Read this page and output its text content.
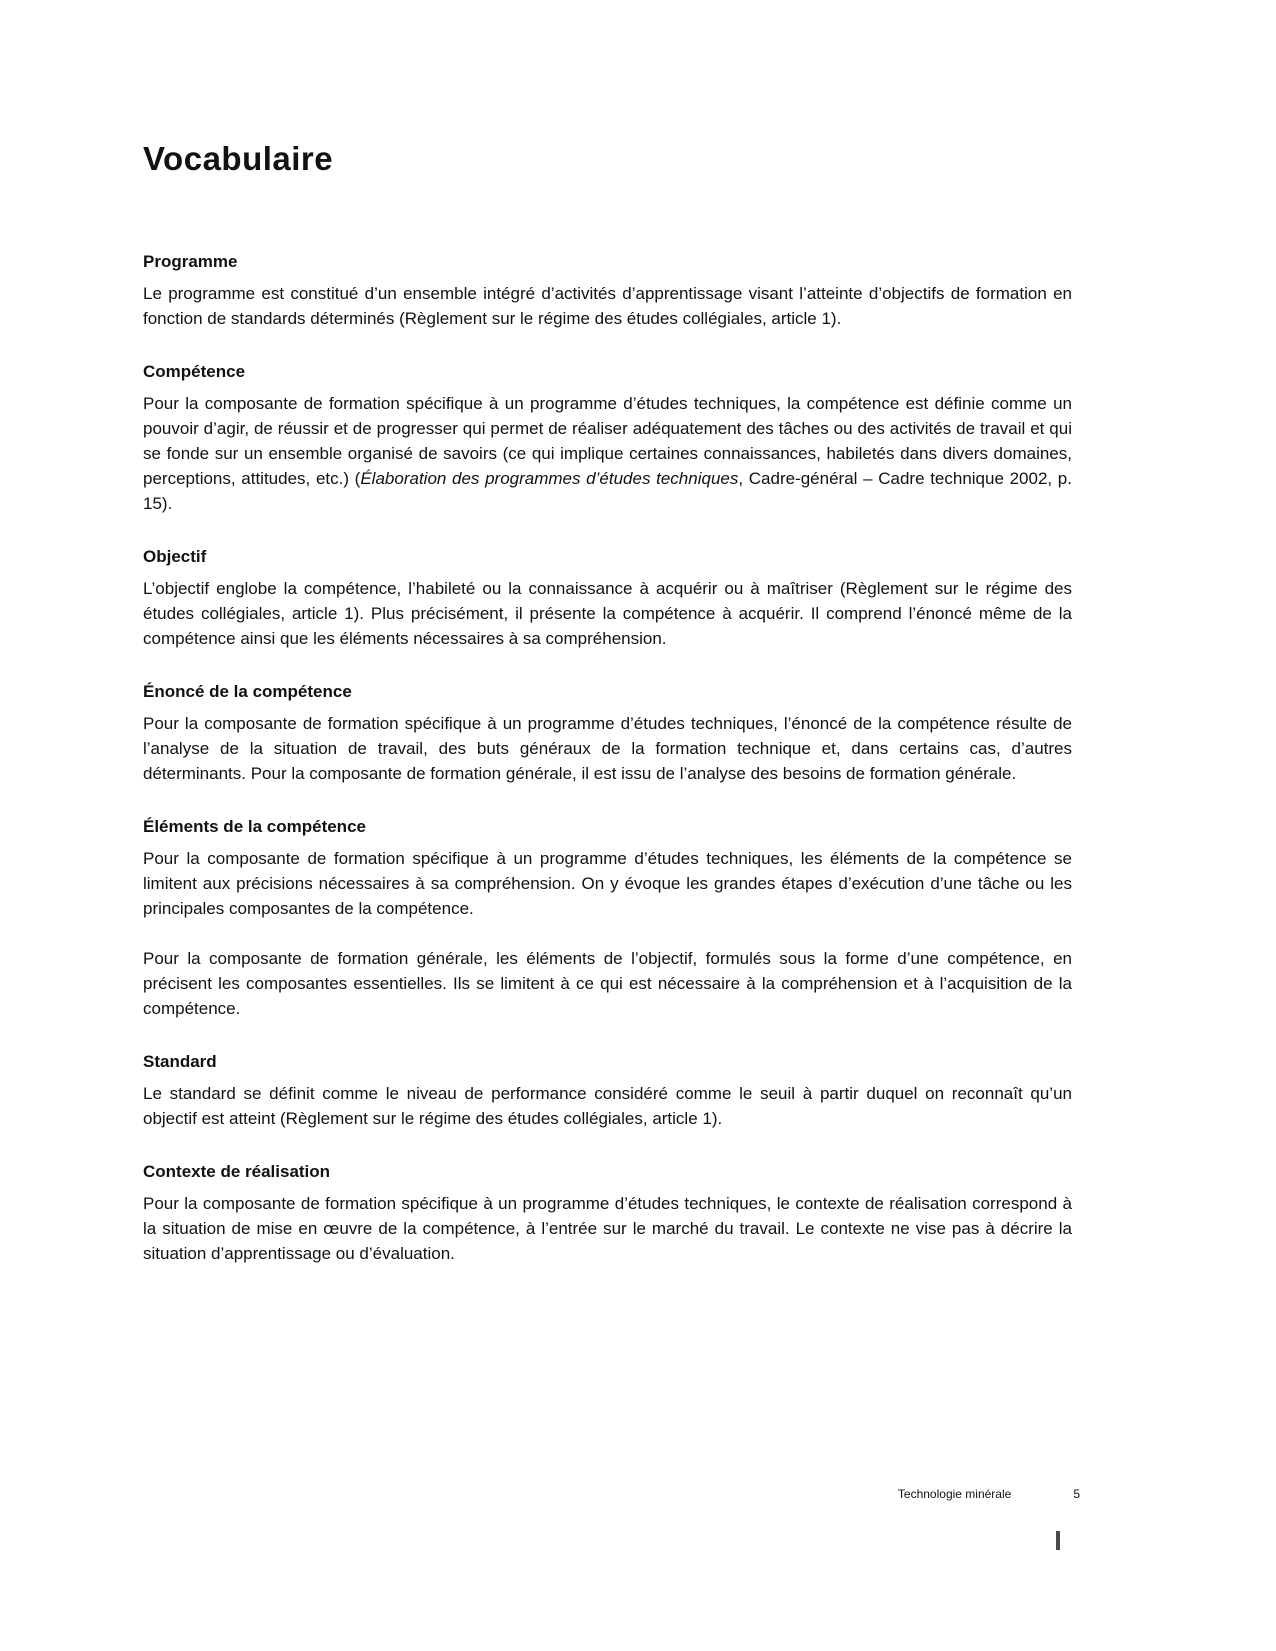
Vocabulaire
Programme

Le programme est constitué d’un ensemble intégré d’activités d’apprentissage visant l’atteinte d’objectifs de formation en fonction de standards déterminés (Règlement sur le régime des études collégiales, article 1).

Compétence

Pour la composante de formation spécifique à un programme d’études techniques, la compétence est définie comme un pouvoir d’agir, de réussir et de progresser qui permet de réaliser adéquatement des tâches ou des activités de travail et qui se fonde sur un ensemble organisé de savoirs (ce qui implique certaines connaissances, habiletés dans divers domaines, perceptions, attitudes, etc.) (Élaboration des programmes d’études techniques, Cadre-général – Cadre technique 2002, p. 15).

Objectif

L’objectif englobe la compétence, l’habileté ou la connaissance à acquérir ou à maîtriser (Règlement sur le régime des études collégiales, article 1). Plus précisément, il présente la compétence à acquérir. Il comprend l’énoncé même de la compétence ainsi que les éléments nécessaires à sa compréhension.

Énoncé de la compétence

Pour la composante de formation spécifique à un programme d’études techniques, l’énoncé de la compétence résulte de l’analyse de la situation de travail, des buts généraux de la formation technique et, dans certains cas, d’autres déterminants. Pour la composante de formation générale, il est issu de l’analyse des besoins de formation générale.

Éléments de la compétence

Pour la composante de formation spécifique à un programme d’études techniques, les éléments de la compétence se limitent aux précisions nécessaires à sa compréhension. On y évoque les grandes étapes d’exécution d’une tâche ou les principales composantes de la compétence.

Pour la composante de formation générale, les éléments de l’objectif, formulés sous la forme d’une compétence, en précisent les composantes essentielles. Ils se limitent à ce qui est nécessaire à la compréhension et à l’acquisition de la compétence.

Standard

Le standard se définit comme le niveau de performance considéré comme le seuil à partir duquel on reconnaît qu’un objectif est atteint (Règlement sur le régime des études collégiales, article 1).

Contexte de réalisation

Pour la composante de formation spécifique à un programme d’études techniques, le contexte de réalisation correspond à la situation de mise en œuvre de la compétence, à l’entrée sur le marché du travail. Le contexte ne vise pas à décrire la situation d’apprentissage ou d’évaluation.

Technologie minérale	5
